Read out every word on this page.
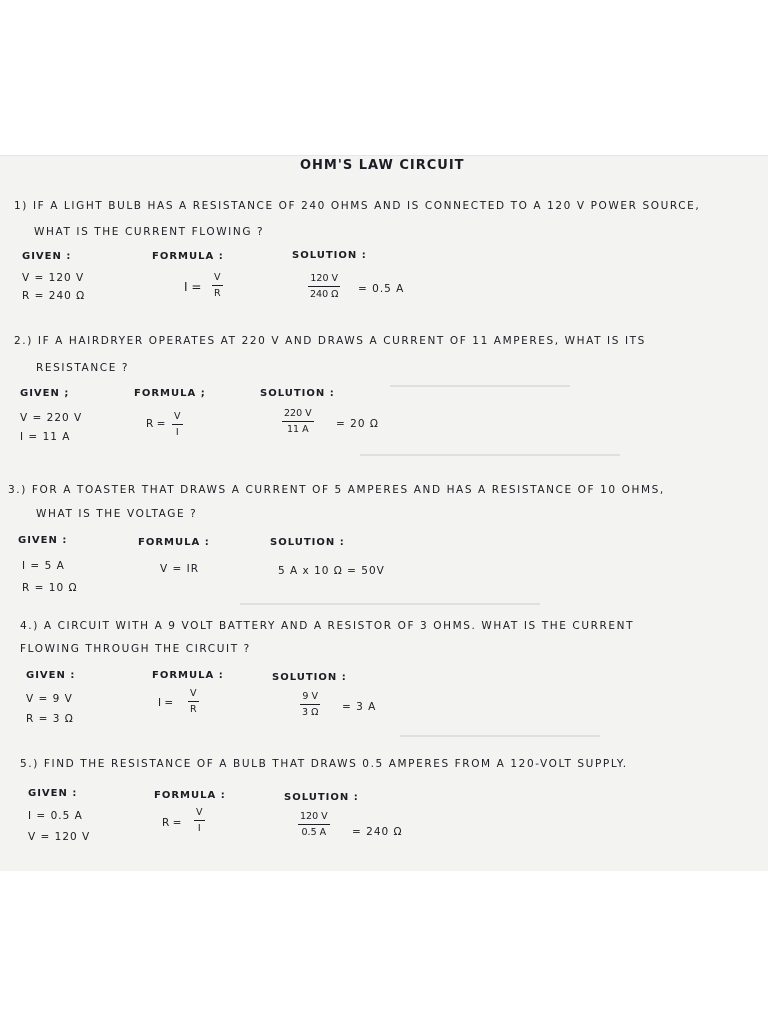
OHM'S LAW CIRCUIT
1) IF A LIGHT BULB HAS A RESISTANCE OF 240 OHMS AND IS CONNECTED TO A 120 V POWER SOURCE,
WHAT IS THE CURRENT FLOWING ?
GIVEN :
V = 120 V
R = 240 Ω
FORMULA :
I =
V
R
SOLUTION :
120 V
240 Ω = 0.5 A
2.) IF A HAIRDRYER OPERATES AT 220 V AND DRAWS A CURRENT OF 11 AMPERES, WHAT IS ITS
RESISTANCE ?
GIVEN ;
V = 220 V
I = 11 A
FORMULA ;
R =
V
I
SOLUTION :
220 V
11 A	= 20 Ω
3.) FOR A TOASTER THAT DRAWS A CURRENT OF 5 AMPERES AND HAS A RESISTANCE OF 10 OHMS,
WHAT IS THE VOLTAGE ?
GIVEN :
I = 5 A
R = 10 Ω
FORMULA :
V = IR
SOLUTION :
5 A x 10 Ω = 50V
4.) A CIRCUIT WITH A 9 VOLT BATTERY AND A RESISTOR OF 3 OHMS. WHAT IS THE CURRENT
FLOWING THROUGH THE CIRCUIT ?
GIVEN :
V = 9 V
R = 3 Ω
FORMULA :
I =
V
R
SOLUTION :
9 V
3 Ω = 3 A
5.) FIND THE RESISTANCE OF A BULB THAT DRAWS 0.5 AMPERES FROM A 120-VOLT SUPPLY.
GIVEN :
I = 0.5 A
V = 120 V
FORMULA :
R =
V
I
SOLUTION :
120 V
0.5 A = 240 Ω
